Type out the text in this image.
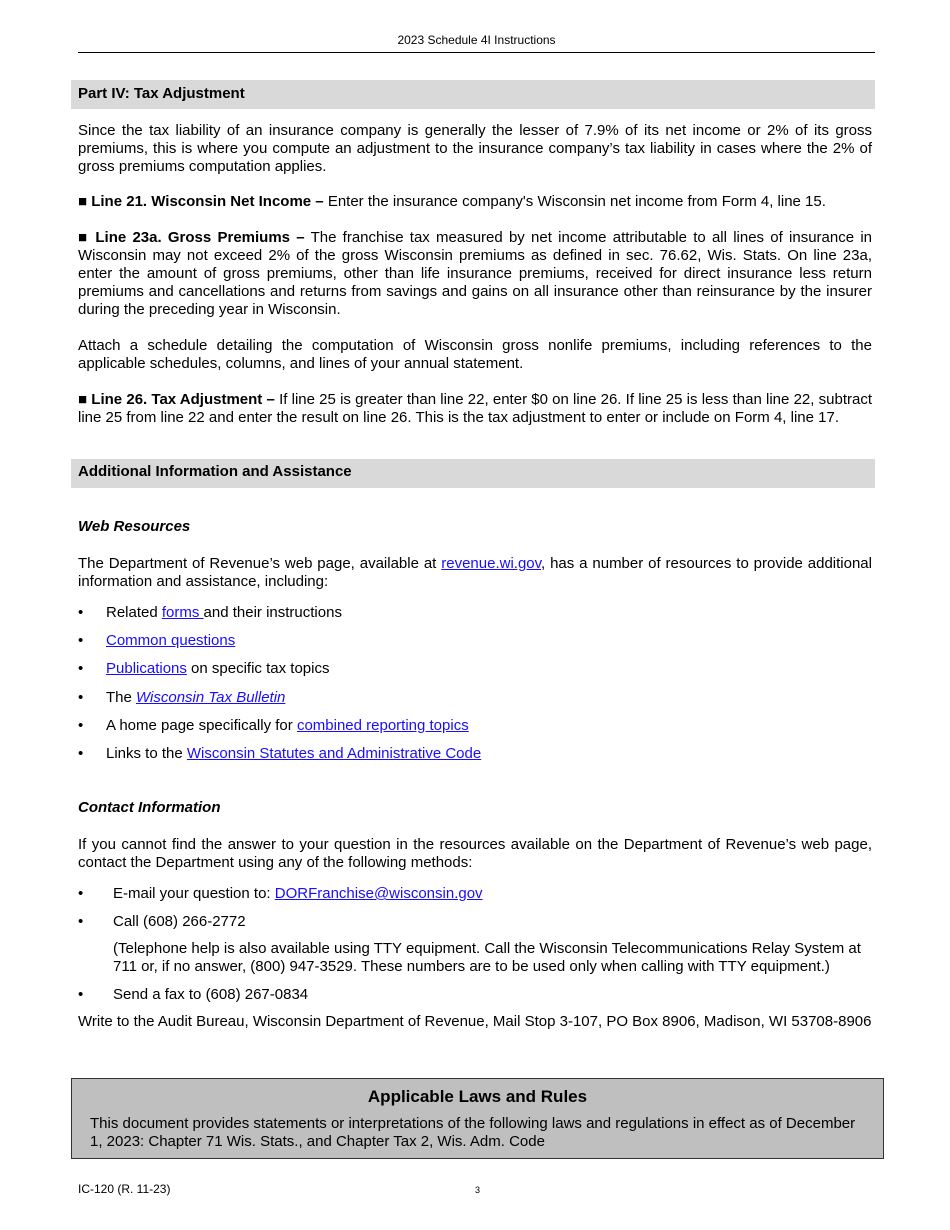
2023 Schedule 4I Instructions
Part IV: Tax Adjustment
Since the tax liability of an insurance company is generally the lesser of 7.9% of its net income or 2% of its gross premiums, this is where you compute an adjustment to the insurance company’s tax liability in cases where the 2% of gross premiums computation applies.
■ Line 21. Wisconsin Net Income – Enter the insurance company's Wisconsin net income from Form 4, line 15.
■ Line 23a. Gross Premiums – The franchise tax measured by net income attributable to all lines of insurance in Wisconsin may not exceed 2% of the gross Wisconsin premiums as defined in sec. 76.62, Wis. Stats. On line 23a, enter the amount of gross premiums, other than life insurance premiums, received for direct insurance less return premiums and cancellations and returns from savings and gains on all insurance other than reinsurance by the insurer during the preceding year in Wisconsin.
Attach a schedule detailing the computation of Wisconsin gross nonlife premiums, including references to the applicable schedules, columns, and lines of your annual statement.
■ Line 26. Tax Adjustment – If line 25 is greater than line 22, enter $0 on line 26. If line 25 is less than line 22, subtract line 25 from line 22 and enter the result on line 26. This is the tax adjustment to enter or include on Form 4, line 17.
Additional Information and Assistance
Web Resources
The Department of Revenue’s web page, available at revenue.wi.gov, has a number of resources to provide additional information and assistance, including:
• Related forms and their instructions
• Common questions
• Publications on specific tax topics
• The Wisconsin Tax Bulletin
• A home page specifically for combined reporting topics
• Links to the Wisconsin Statutes and Administrative Code
Contact Information
If you cannot find the answer to your question in the resources available on the Department of Revenue’s web page, contact the Department using any of the following methods:
• E-mail your question to: DORFranchise@wisconsin.gov
• Call (608) 266-2772
(Telephone help is also available using TTY equipment. Call the Wisconsin Telecommunications Relay System at 711 or, if no answer, (800) 947-3529. These numbers are to be used only when calling with TTY equipment.)
• Send a fax to (608) 267-0834
Write to the Audit Bureau, Wisconsin Department of Revenue, Mail Stop 3-107, PO Box 8906, Madison, WI 53708-8906
Applicable Laws and Rules
This document provides statements or interpretations of the following laws and regulations in effect as of December 1, 2023: Chapter 71 Wis. Stats., and Chapter Tax 2, Wis. Adm. Code
IC-120 (R. 11-23)	3
